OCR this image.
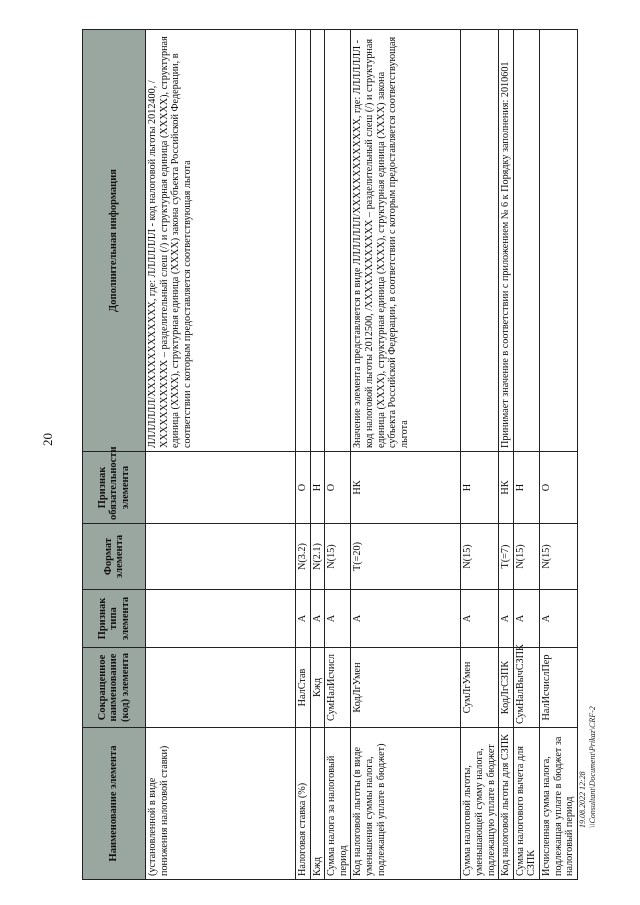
20
19.08.2022 12:28 \\Consultant\Document\Prikaz\CRF-2
Наименование элемента	Сокращенное наименование (код) элемента	Признак типа элемента	Формат элемента	Признак обязательности элемента	Дополнительная информация
(установленной в виде понижения налоговой ставки)					ЛЛЛЛЛЛЛ/ХХХХХХХХХХХХХ, где: ЛЛЛЛЛЛЛ - код налоговой льготы 2012400, /ХХХХХХХХХХХХ – разделительный слеш (/) и структурная единица (XXXXX), структурная единица (XXXX), структурная единица (XXXX) закона субъекта Российской Федерации, в соответствии с которым предоставляется соответствующая льгота
Налоговая ставка (%)	НалСтав	А	N(3.2)	О	
Кжд	Кжд	А	N(2.1)	Н	
Сумма налога за налоговый период	СумНалИсчисл	А	N(15)	О	
Код налоговой льготы (в виде уменьшения суммы налога, подлежащей уплате в бюджет)	КодЛгУмен	А	T(=20)	НК	Значение элемента представляется в виде ЛЛЛЛЛЛЛ/ХХХХХХХХХХХХХ, где: ЛЛЛЛЛЛЛ - код налоговой льготы 2012500, /ХХХХХХХХХХХХ – разделительный слеш (/) и структурная единица (XXXX), структурная единица (XXXX), структурная единица (XXXX) закона субъекта Российской Федерации, в соответствии с которым предоставляется соответствующая льгота
Сумма налоговой льготы, уменьшающей сумму налога, подлежащую уплате в бюджет	СумЛгУмен	А	N(15)	Н	
Код налоговой льготы для СЗПК	КодЛгСЗПК	А	T(=7)	НК	Принимает значение в соответствии с приложением № 6 к Порядку заполнения: 2010601
Сумма налогового вычета для СЗПК	СумНалВычСЗПК	А	N(15)	Н	
Исчисленная сумма налога, подлежащая уплате в бюджет за налоговый период	НалИсчислПер	А	N(15)	О	
